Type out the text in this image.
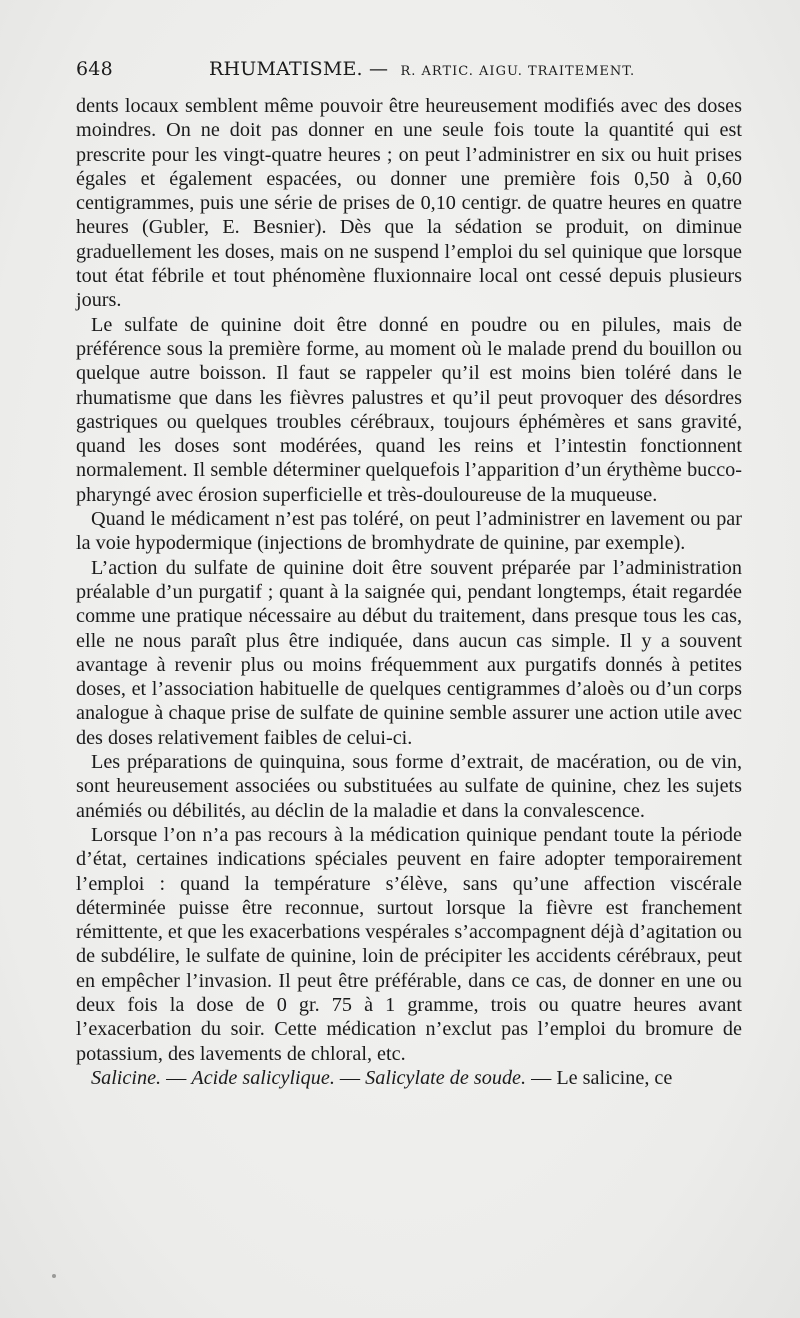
648	RHUMATISME. — R. ARTIC. AIGU. TRAITEMENT.

dents locaux semblent même pouvoir être heureusement modifiés avec des doses moindres. On ne doit pas donner en une seule fois toute la quantité qui est prescrite pour les vingt-quatre heures ; on peut l’administrer en six ou huit prises égales et également espacées, ou donner une première fois 0,50 à 0,60 centigrammes, puis une série de prises de 0,10 centigr. de quatre heures en quatre heures (Gubler, E. Besnier). Dès que la sédation se produit, on diminue graduellement les doses, mais on ne suspend l’emploi du sel quinique que lorsque tout état fébrile et tout phénomène fluxionnaire local ont cessé depuis plusieurs jours.

Le sulfate de quinine doit être donné en poudre ou en pilules, mais de préférence sous la première forme, au moment où le malade prend du bouillon ou quelque autre boisson. Il faut se rappeler qu’il est moins bien toléré dans le rhumatisme que dans les fièvres palustres et qu’il peut provoquer des désordres gastriques ou quelques troubles cérébraux, toujours éphémères et sans gravité, quand les doses sont modérées, quand les reins et l’intestin fonctionnent normalement. Il semble déterminer quelquefois l’apparition d’un érythème bucco-pharyngé avec érosion superficielle et très-douloureuse de la muqueuse.

Quand le médicament n’est pas toléré, on peut l’administrer en lavement ou par la voie hypodermique (injections de bromhydrate de quinine, par exemple).

L’action du sulfate de quinine doit être souvent préparée par l’administration préalable d’un purgatif ; quant à la saignée qui, pendant longtemps, était regardée comme une pratique nécessaire au début du traitement, dans presque tous les cas, elle ne nous paraît plus être indiquée, dans aucun cas simple. Il y a souvent avantage à revenir plus ou moins fréquemment aux purgatifs donnés à petites doses, et l’association habituelle de quelques centigrammes d’aloès ou d’un corps analogue à chaque prise de sulfate de quinine semble assurer une action utile avec des doses relativement faibles de celui-ci.

Les préparations de quinquina, sous forme d’extrait, de macération, ou de vin, sont heureusement associées ou substituées au sulfate de quinine, chez les sujets anémiés ou débilités, au déclin de la maladie et dans la convalescence.

Lorsque l’on n’a pas recours à la médication quinique pendant toute la période d’état, certaines indications spéciales peuvent en faire adopter temporairement l’emploi : quand la température s’élève, sans qu’une affection viscérale déterminée puisse être reconnue, surtout lorsque la fièvre est franchement rémittente, et que les exacerbations vespérales s’accompagnent déjà d’agitation ou de subdélire, le sulfate de quinine, loin de précipiter les accidents cérébraux, peut en empêcher l’invasion. Il peut être préférable, dans ce cas, de donner en une ou deux fois la dose de 0 gr. 75 à 1 gramme, trois ou quatre heures avant l’exacerbation du soir. Cette médication n’exclut pas l’emploi du bromure de potassium, des lavements de chloral, etc.

Salicine. — Acide salicylique. — Salicylate de soude. — Le salicine, ce
